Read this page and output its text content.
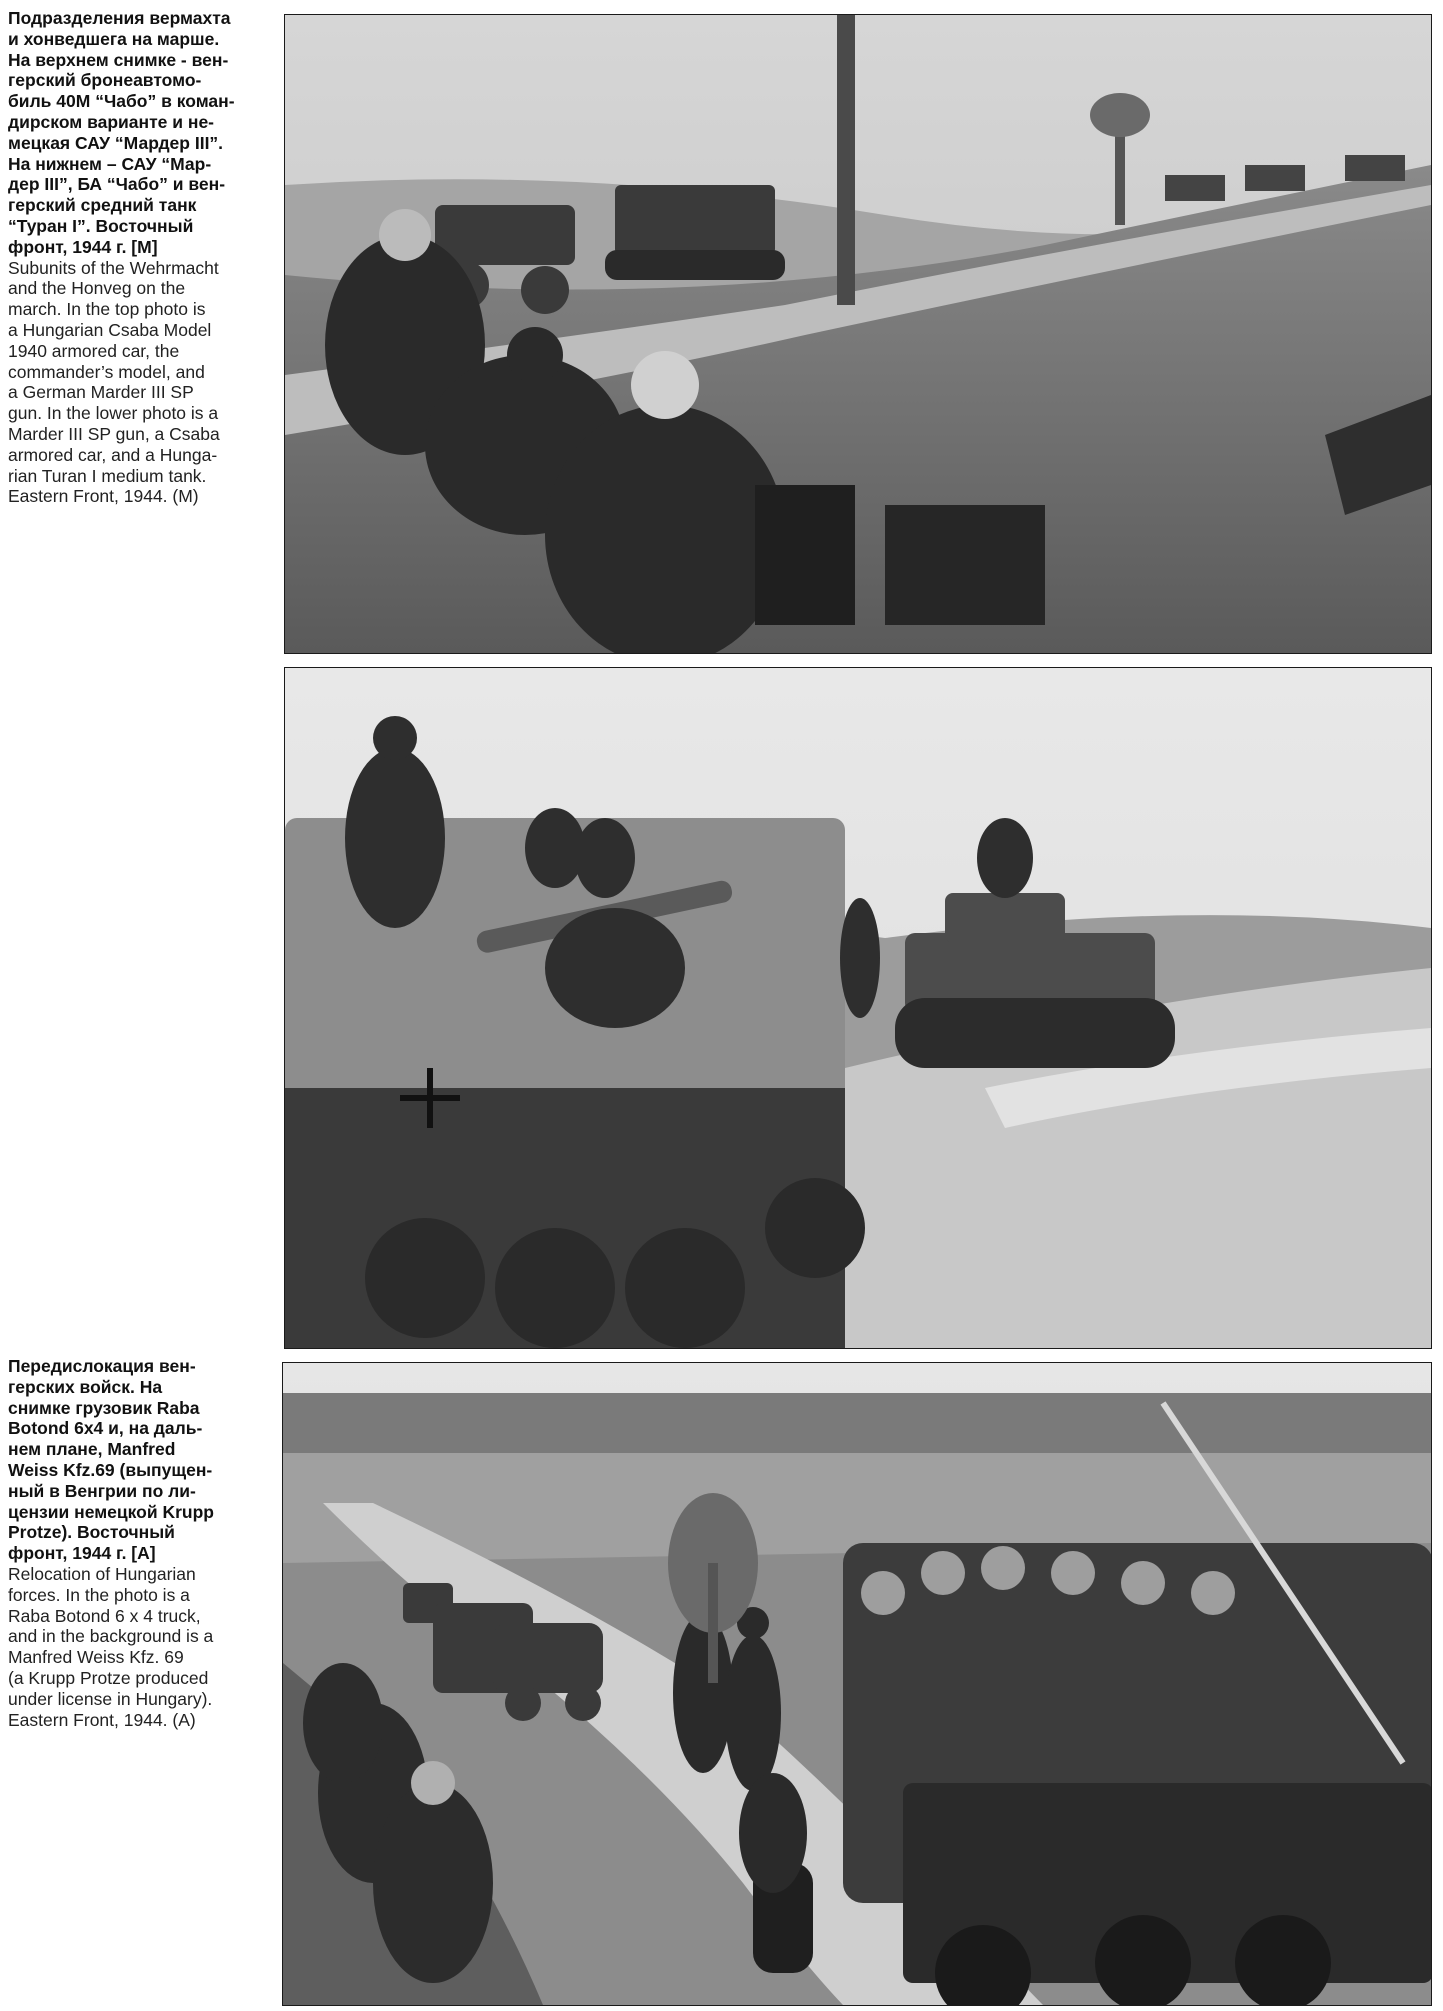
Подразделения вермахта
и хонведшега на марше.
На верхнем снимке - вен-
герский бронеавтомо-
биль 40M “Чабо” в коман-
дирском варианте и не-
мецкая САУ “Мардер III”.
На нижнем – САУ “Мар-
дер III”, БА “Чабо” и вен-
герский средний танк
“Туран I”. Восточный
фронт, 1944 г. [M]
Subunits of the Wehrmacht
and the Honveg on the
march. In the top photo is
a Hungarian Csaba Model
1940 armored car, the
commander’s model, and
a German Marder III SP
gun. In the lower photo is a
Marder III SP gun, a Csaba
armored car, and a Hunga-
rian Turan I medium tank.
Eastern Front, 1944. (M)
Передислокация вен-
герских войск. На
снимке грузовик Raba
Botond 6x4 и, на даль-
нем плане, Manfred
Weiss Kfz.69 (выпущен-
ный в Венгрии по ли-
цензии немецкой Krupp
Protze). Восточный
фронт, 1944 г. [A]
Relocation of Hungarian
forces. In the photo is a
Raba Botond 6 x 4 truck,
and in the background is a
Manfred Weiss Kfz. 69
(a Krupp Protze produced
under license in Hungary).
Eastern Front, 1944. (A)
